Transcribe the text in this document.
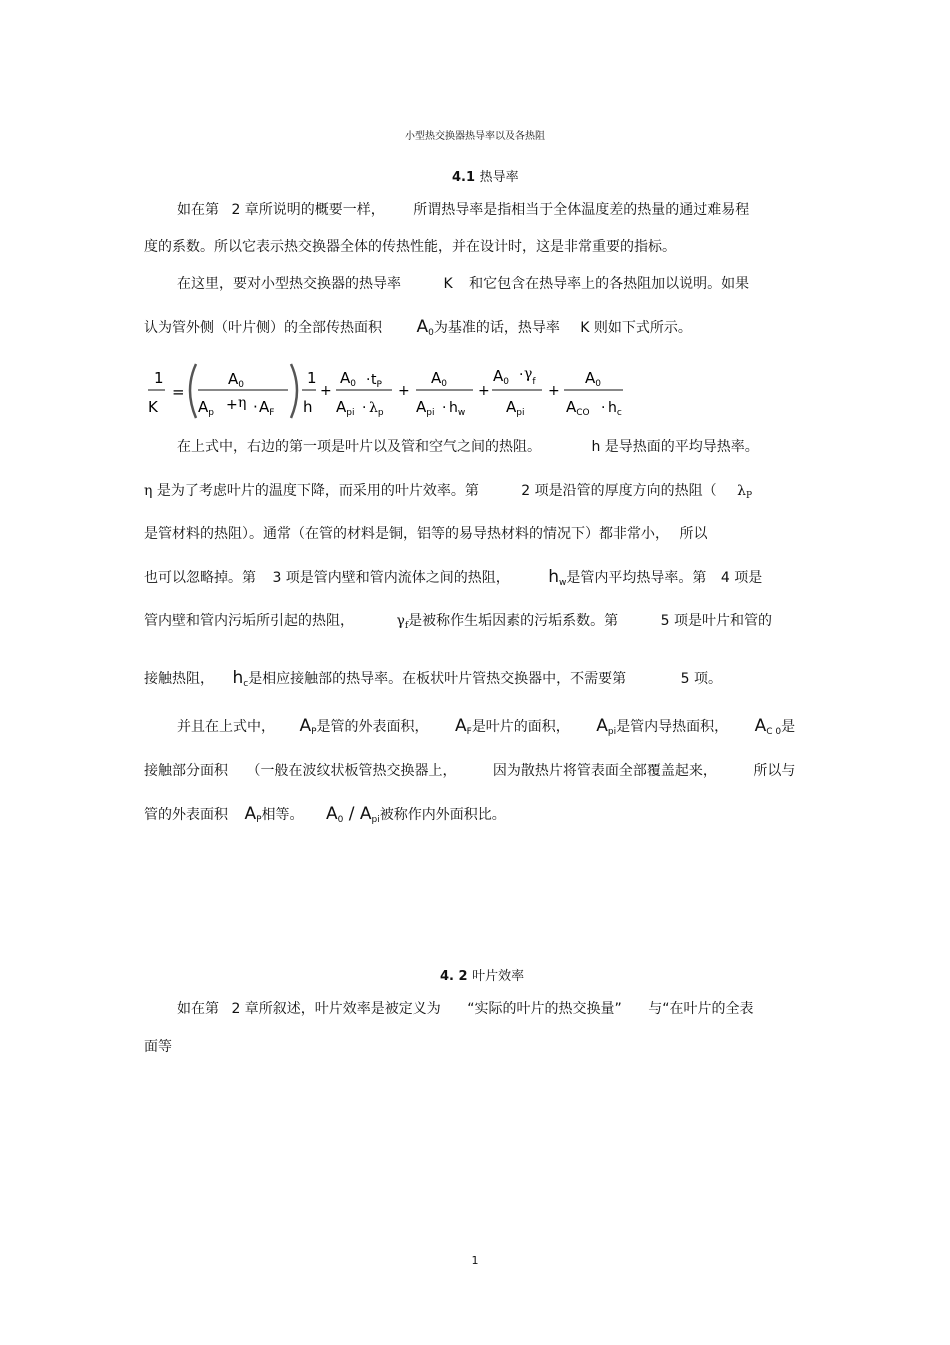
小型热交换器热导率以及各热阻
4.1 热导率
如在第 2 章所说明的概要一样， 所谓热导率是指相当于全体温度差的热量的通过难易程
度的系数。所以它表示热交换器全体的传热性能，并在设计时，这是非常重要的指标。
在这里，要对小型热交换器的热导率	K 和它包含在热导率上的各热阻加以说明。如果
认为管外侧（叶片侧）的全部传热面积 $A_0$为基准的话，热导率 K 则如下式所示。
1
K
=
$A_0$
$A_p + \eta \cdot A_F$
1
h
+
$A_0 \cdot t_P$
$A_{pi} \cdot \lambda_p$
+
$A_0$
$A_{pi} \cdot h_w$
+
$A_0 \cdot \gamma_f$
$A_{pi}$
+
$A_0$
$A_{CO} \cdot h_c$
在上式中，右边的第一项是叶片以及管和空气之间的热阻。	h 是导热面的平均导热率。
η 是为了考虑叶片的温度下降，而采用的叶片效率。第	2 项是沿管的厚度方向的热阻（ $\lambda_P$
是管材料的热阻）。通常（在管的材料是铜，铝等的易导热材料的情况下）都非常小， 所以
也可以忽略掉。第 3 项是管内壁和管内流体之间的热阻， $h_w$是管内平均热导率。第 4 项是
管内壁和管内污垢所引起的热阻，	$\gamma_f$是被称作生垢因素的污垢系数。第	5 项是叶片和管的
接触热阻， $h_c$是相应接触部的热导率。在板状叶片管热交换器中，不需要第	5 项。
并且在上式中， $A_P$是管的外表面积， $A_F$是叶片的面积， $A_{pi}$是管内导热面积， $A_{C 0}$是
接触部分面积 （一般在波纹状板管热交换器上，	因为散热片将管表面全部覆盖起来，	所以与
管的外表面积 $A_P$相等。 $A_0 / A_{pi}$被称作内外面积比。
4. 2 叶片效率
如在第 2 章所叙述，叶片效率是被定义为 “实际的叶片的热交换量” 与“在叶片的全表
面等
1
